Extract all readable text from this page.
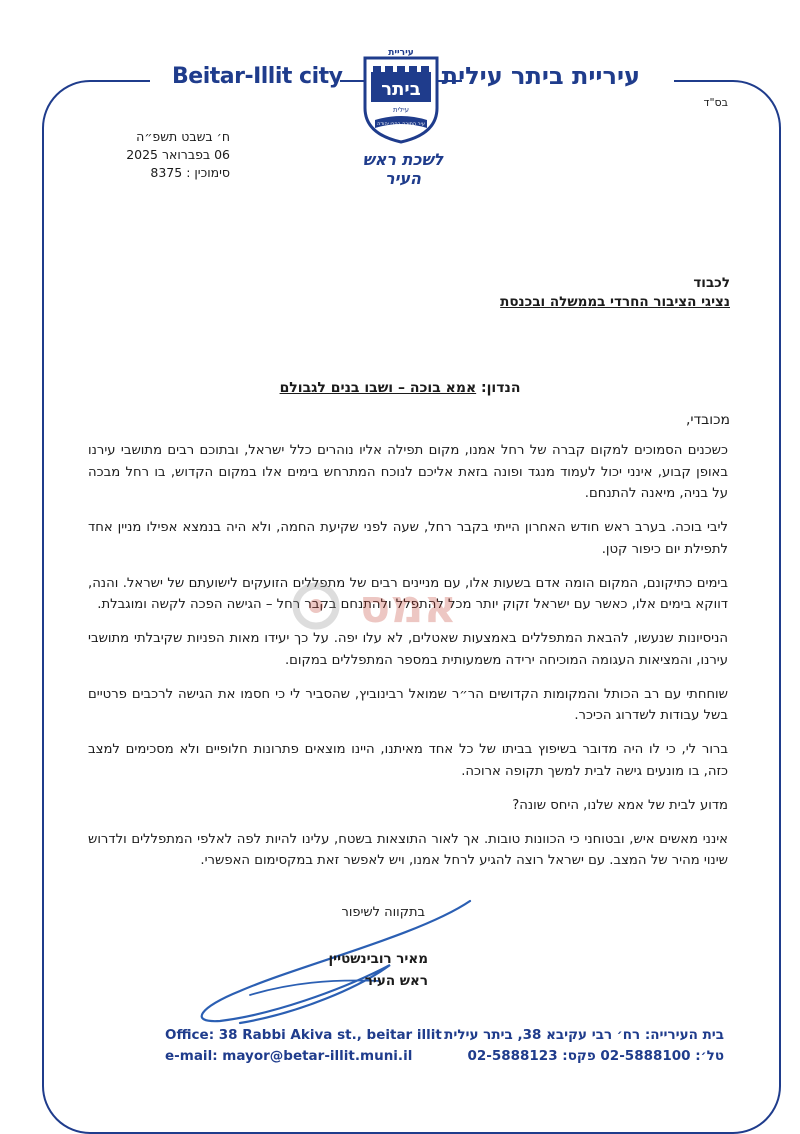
Beitar-Illit city	עיריית ביתר עילית
עיריית
ביתר
עילית
עיר התורה בהרי יהודה
לשכת ראש העיר
בס"ד
ח׳ בשבט תשפ״ה
06 בפברואר 2025
סימוכין : 8375
לכבוד
נציגי הציבור החרדי בממשלה ובכנסת
הנדון: אמא בוכה – ושבו בנים לגבולם
מכובדי,

כשכנים הסמוכים למקום קברה של רחל אמנו, מקום תפילה אליו נוהרים כלל ישראל, ובתוכם רבים מתושבי עירנו באופן קבוע, אינני יכול לעמוד מנגד ופונה בזאת אליכם לנוכח המתרחש בימים אלו במקום הקדוש, בו רחל מבכה על בניה, מיאנה להתנחם.

ליבי בוכה. בערב ראש חודש האחרון הייתי בקבר רחל, שעה לפני שקיעת החמה, ולא היה בנמצא אפילו מניין אחד לתפילת יום כיפור קטן.

בימים כתיקונם, המקום הומה אדם בשעות אלו, עם מניינים רבים של מתפללים הזועקים לישועתם של ישראל. והנה, דווקא בימים אלו, כאשר עם ישראל זקוק יותר מכל להתפלל ולהתנחם בקבר רחל – הגישה הפכה לקשה ומוגבלת.

הניסיונות שנעשו, להבאת המתפללים באמצעות שאטלים, לא עלו יפה. על כך יעידו מאות הפניות שקיבלתי מתושבי עירנו, והמציאות העגומה המוכיחה ירידה משמעותית במספר המתפללים במקום.

שוחחתי עם רב הכותל והמקומות הקדושים הר״ר שמואל רבינוביץ, שהסביר לי כי חסמו את הגישה לרכבים פרטיים בשל עבודות לשדרוג הכיכר.

ברור לי, כי לו היה מדובר בשיפוץ בביתו של כל אחד מאיתנו, היינו מוצאים פתרונות חלופיים ולא מסכימים למצב כזה, בו מונעים גישה לבית למשך תקופה ארוכה.

מדוע לבית של אמא שלנו, היחס שונה?

אינני מאשים איש, ובטוחני כי הכוונות טובות. אך לאור התוצאות בשטח, עלינו להיות לפה לאלפי המתפללים ולדרוש שינוי מהיר של המצב. עם ישראל רוצה להגיע לרחל אמנו, ויש לאפשר זאת במקסימום האפשרי.

אמס
בתקווה לשיפור
מאיר רובינשטיין
ראש העיר
Office: 38 Rabbi Akiva st., beitar illit
e-mail: mayor@betar-illit.muni.il
בית העירייה: רח׳ רבי עקיבא 38, ביתר עילית
טל׳: 02-5888100 פקס: 02-5888123
